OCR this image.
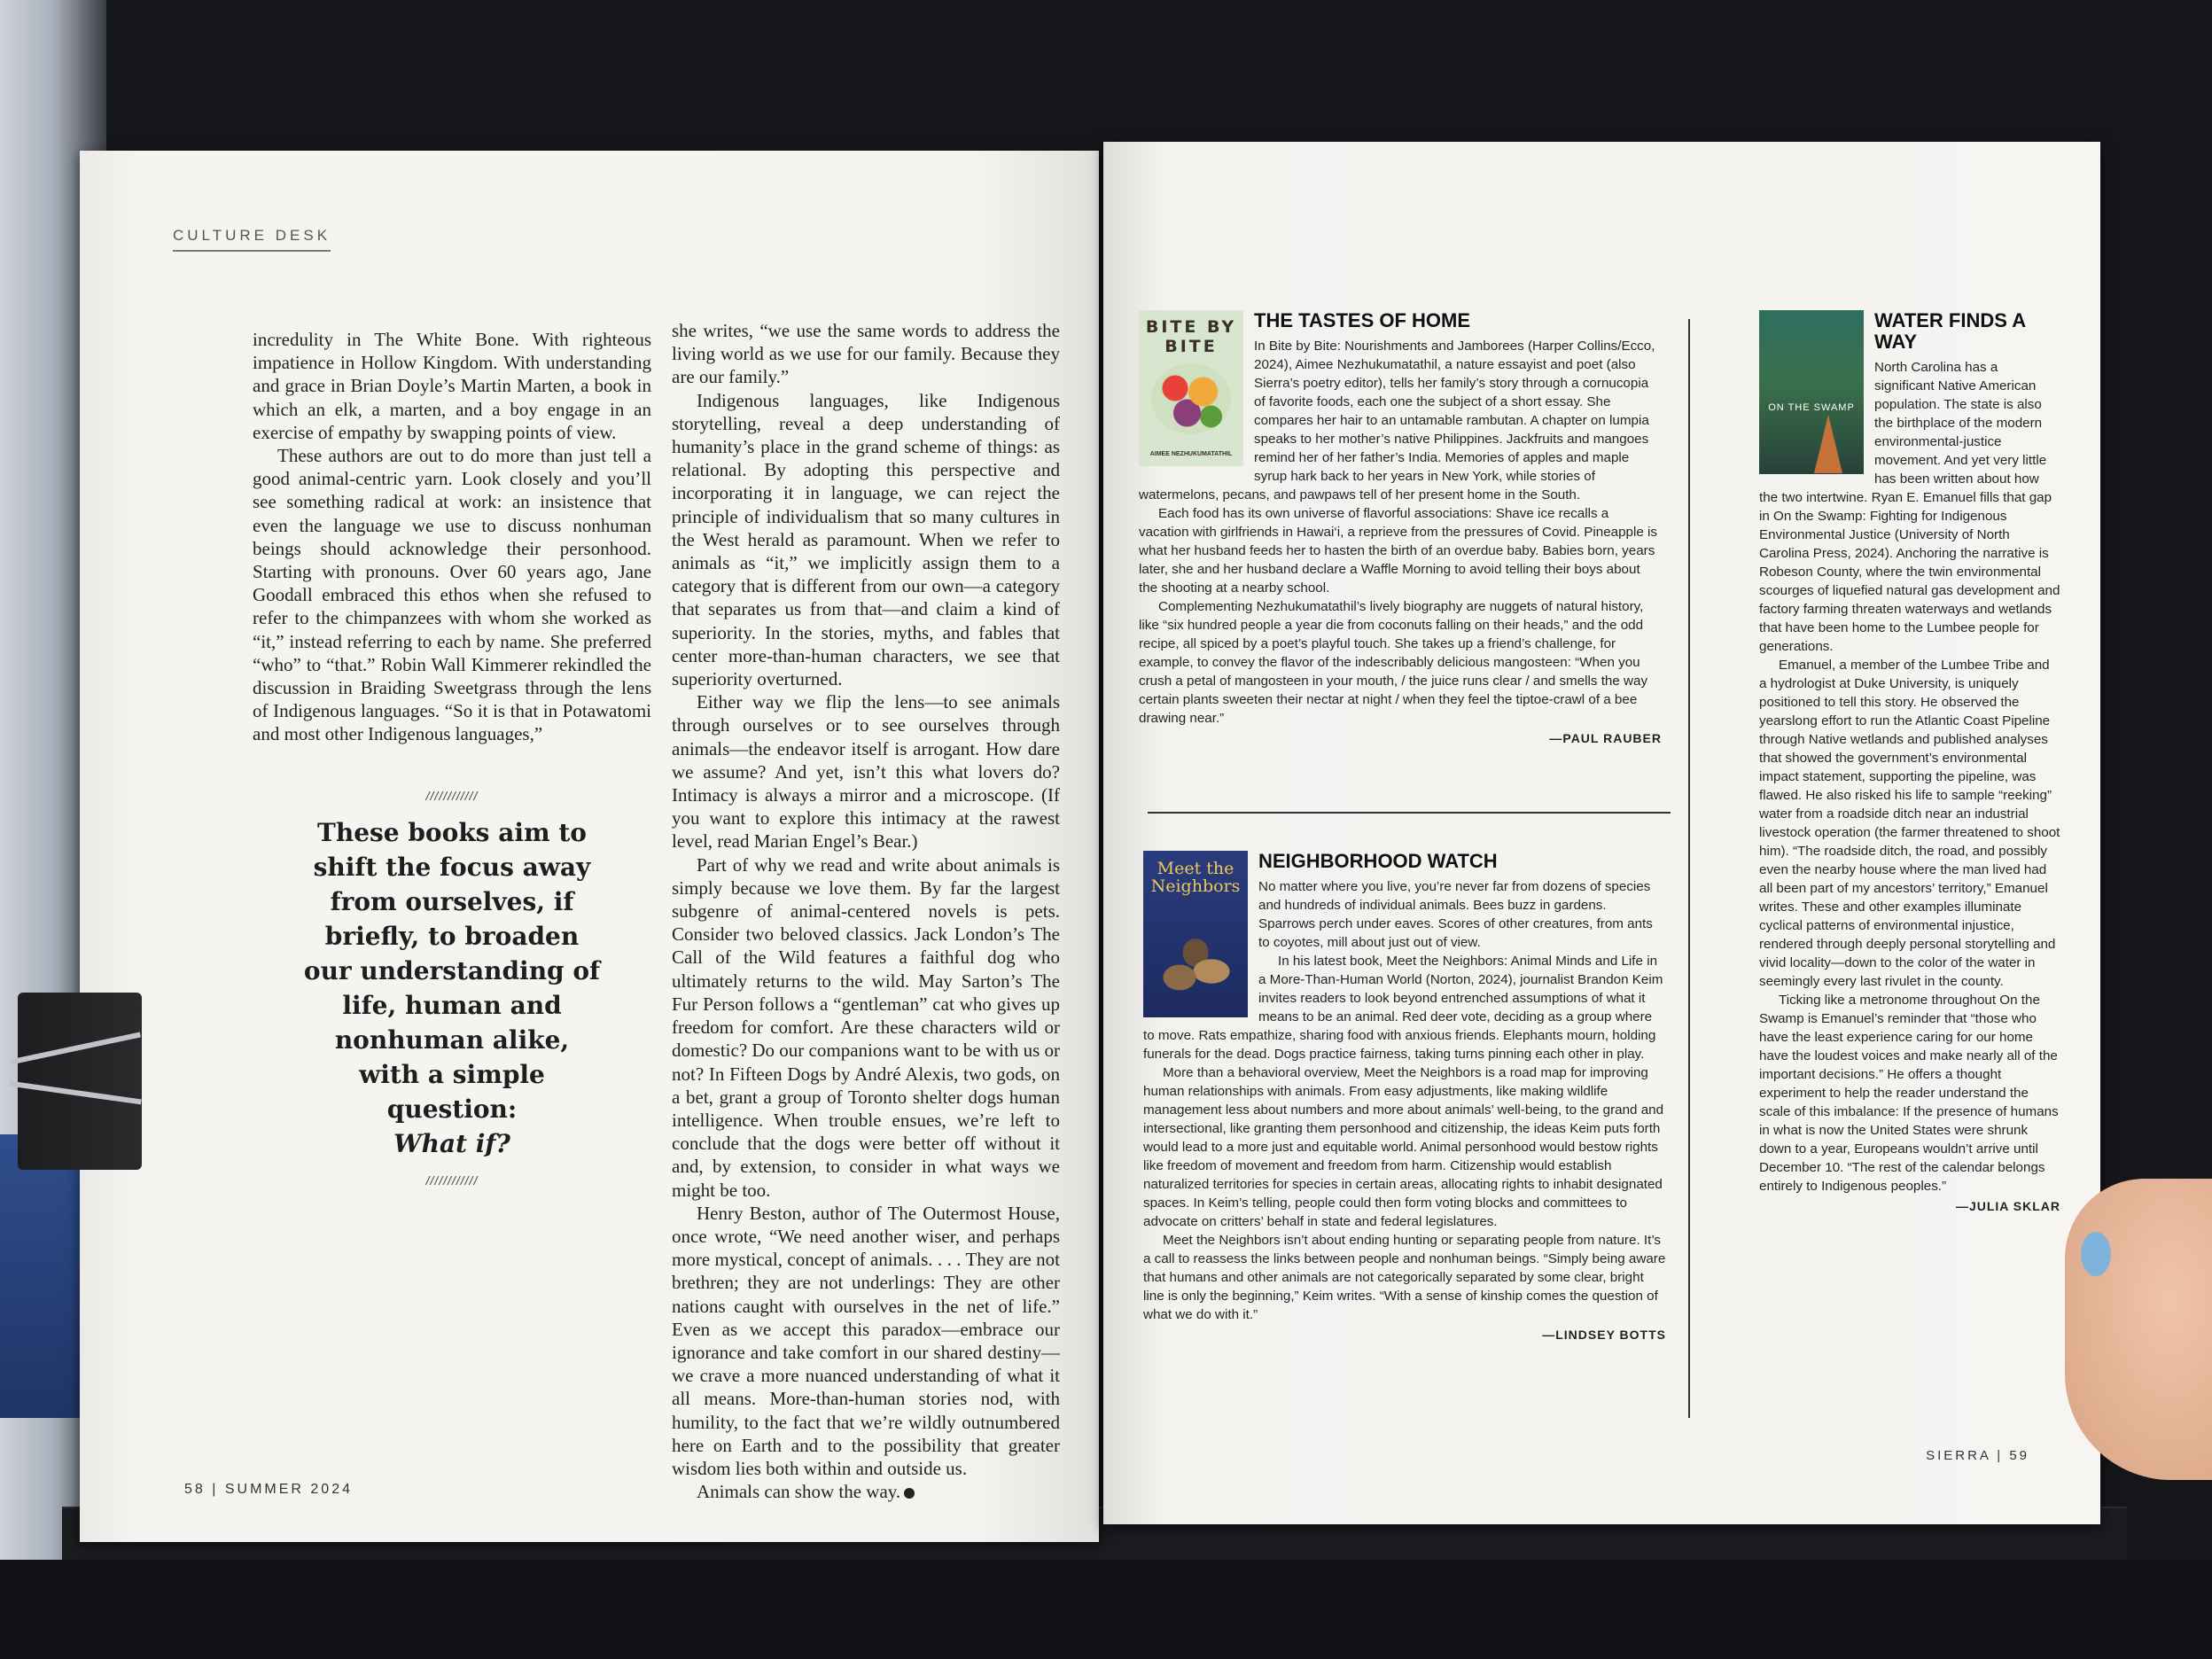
CULTURE DESK

incredulity in The White Bone. With righteous impatience in Hollow Kingdom. With understanding and grace in Brian Doyle’s Martin Marten, a book in which an elk, a marten, and a boy engage in an exercise of empathy by swapping points of view.

These authors are out to do more than just tell a good animal-centric yarn. Look closely and you’ll see something radical at work: an insistence that even the language we use to discuss nonhuman beings should acknowledge their personhood. Starting with pronouns. Over 60 years ago, Jane Goodall embraced this ethos when she refused to refer to the chimpanzees with whom she worked as “it,” instead referring to each by name. She preferred “who” to “that.” Robin Wall Kimmerer rekindled the discussion in Braiding Sweetgrass through the lens of Indigenous languages. “So it is that in Potawatomi and most other Indigenous languages,”

////////////
These books aim to shift the focus away from ourselves, if briefly, to broaden our understanding of life, human and nonhuman alike, with a simple question:
What if?
////////////

she writes, “we use the same words to address the living world as we use for our family. Because they are our family.”

Indigenous languages, like Indigenous storytelling, reveal a deep understanding of humanity’s place in the grand scheme of things: as relational. By adopting this perspective and incorporating it in language, we can reject the principle of individualism that so many cultures in the West herald as paramount. When we refer to animals as “it,” we implicitly assign them to a category that is different from our own—a category that separates us from that—and claim a kind of superiority. In the stories, myths, and fables that center more-than-human characters, we see that superiority overturned.

Either way we flip the lens—to see animals through ourselves or to see ourselves through animals—the endeavor itself is arrogant. How dare we assume? And yet, isn’t this what lovers do? Intimacy is always a mirror and a microscope. (If you want to explore this intimacy at the rawest level, read Marian Engel’s Bear.)

Part of why we read and write about animals is simply because we love them. By far the largest subgenre of animal-centered novels is pets. Consider two beloved classics. Jack London’s The Call of the Wild features a faithful dog who ultimately returns to the wild. May Sarton’s The Fur Person follows a “gentleman” cat who gives up freedom for comfort. Are these characters wild or domestic? Do our companions want to be with us or not? In Fifteen Dogs by André Alexis, two gods, on a bet, grant a group of Toronto shelter dogs human intelligence. When trouble ensues, we’re left to conclude that the dogs were better off without it and, by extension, to consider in what ways we might be too.

Henry Beston, author of The Outermost House, once wrote, “We need another wiser, and perhaps more mystical, concept of animals. . . . They are not brethren; they are not underlings: They are other nations caught with ourselves in the net of life.” Even as we accept this paradox—embrace our ignorance and take comfort in our shared destiny—we crave a more nuanced understanding of what it all means. More-than-human stories nod, with humility, to the fact that we’re wildly outnumbered here on Earth and to the possibility that greater wisdom lies both within and outside us.

Animals can show the way.

58 | SUMMER 2024
BITE BY BITE
AIMEE NEZHUKUMATATHIL
THE TASTES OF HOME

In Bite by Bite: Nourishments and Jamborees (Harper Collins/Ecco, 2024), Aimee Nezhukumatathil, a nature essayist and poet (also Sierra’s poetry editor), tells her family’s story through a cornucopia of favorite foods, each one the subject of a short essay. She compares her hair to an untamable rambutan. A chapter on lumpia speaks to her mother’s native Philippines. Jackfruits and mangoes remind her of her father’s India. Memories of apples and maple syrup hark back to her years in New York, while stories of watermelons, pecans, and pawpaws tell of her present home in the South.

Each food has its own universe of flavorful associations: Shave ice recalls a vacation with girlfriends in Hawai‘i, a reprieve from the pressures of Covid. Pineapple is what her husband feeds her to hasten the birth of an overdue baby. Babies born, years later, she and her husband declare a Waffle Morning to avoid telling their boys about the shooting at a nearby school.

Complementing Nezhukumatathil’s lively biography are nuggets of natural history, like “six hundred people a year die from coconuts falling on their heads,” and the odd recipe, all spiced by a poet’s playful touch. She takes up a friend’s challenge, for example, to convey the flavor of the indescribably delicious mangosteen: “When you crush a petal of mangosteen in your mouth, / the juice runs clear / and smells the way certain plants sweeten their nectar at night / when they feel the tiptoe-crawl of a bee drawing near.”

—PAUL RAUBER
Meet the Neighbors
NEIGHBORHOOD WATCH

No matter where you live, you’re never far from dozens of species and hundreds of individual animals. Bees buzz in gardens. Sparrows perch under eaves. Scores of other creatures, from ants to coyotes, mill about just out of view.

In his latest book, Meet the Neighbors: Animal Minds and Life in a More-Than-Human World (Norton, 2024), journalist Brandon Keim invites readers to look beyond entrenched assumptions of what it means to be an animal. Red deer vote, deciding as a group where to move. Rats empathize, sharing food with anxious friends. Elephants mourn, holding funerals for the dead. Dogs practice fairness, taking turns pinning each other in play.

More than a behavioral overview, Meet the Neighbors is a road map for improving human relationships with animals. From easy adjustments, like making wildlife management less about numbers and more about animals’ well-being, to the grand and intersectional, like granting them personhood and citizenship, the ideas Keim puts forth would lead to a more just and equitable world. Animal personhood would bestow rights like freedom of movement and freedom from harm. Citizenship would establish naturalized territories for species in certain areas, allocating rights to inhabit designated spaces. In Keim’s telling, people could then form voting blocks and committees to advocate on critters’ behalf in state and federal legislatures.

Meet the Neighbors isn’t about ending hunting or separating people from nature. It’s a call to reassess the links between people and nonhuman beings. “Simply being aware that humans and other animals are not categorically separated by some clear, bright line is only the beginning,” Keim writes. “With a sense of kinship comes the question of what we do with it.”

—LINDSEY BOTTS
ON THE SWAMP
WATER FINDS A WAY

North Carolina has a significant Native American population. The state is also the birthplace of the modern environmental-justice movement. And yet very little has been written about how the two intertwine. Ryan E. Emanuel fills that gap in On the Swamp: Fighting for Indigenous Environmental Justice (University of North Carolina Press, 2024). Anchoring the narrative is Robeson County, where the twin environmental scourges of liquefied natural gas development and factory farming threaten waterways and wetlands that have been home to the Lumbee people for generations.

Emanuel, a member of the Lumbee Tribe and a hydrologist at Duke University, is uniquely positioned to tell this story. He observed the yearslong effort to run the Atlantic Coast Pipeline through Native wetlands and published analyses that showed the government’s environmental impact statement, supporting the pipeline, was flawed. He also risked his life to sample “reeking” water from a roadside ditch near an industrial livestock operation (the farmer threatened to shoot him). “The roadside ditch, the road, and possibly even the nearby house where the man lived had all been part of my ancestors’ territory,” Emanuel writes. These and other examples illuminate cyclical patterns of environmental injustice, rendered through deeply personal storytelling and vivid locality—down to the color of the water in seemingly every last rivulet in the county.

Ticking like a metronome throughout On the Swamp is Emanuel’s reminder that “those who have the least experience caring for our home have the loudest voices and make nearly all of the important decisions.” He offers a thought experiment to help the reader understand the scale of this imbalance: If the presence of humans in what is now the United States were shrunk down to a year, Europeans wouldn’t arrive until December 10. “The rest of the calendar belongs entirely to Indigenous peoples.”

—JULIA SKLAR
SIERRA | 59
